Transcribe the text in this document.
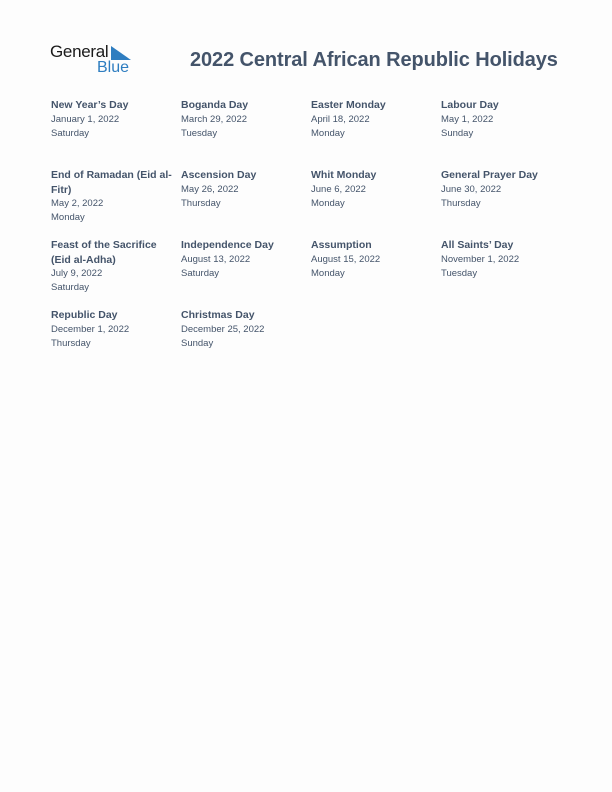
General
Blue	2022 Central African Republic Holidays
New Year’s Day
January 1, 2022
Saturday
Boganda Day
March 29, 2022
Tuesday
Easter Monday
April 18, 2022
Monday
Labour Day
May 1, 2022
Sunday
End of Ramadan (Eid al-Fitr)
May 2, 2022
Monday
Ascension Day
May 26, 2022
Thursday
Whit Monday
June 6, 2022
Monday
General Prayer Day
June 30, 2022
Thursday
Feast of the Sacrifice (Eid al-Adha)
July 9, 2022
Saturday
Independence Day
August 13, 2022
Saturday
Assumption
August 15, 2022
Monday
All Saints’ Day
November 1, 2022
Tuesday
Republic Day
December 1, 2022
Thursday
Christmas Day
December 25, 2022
Sunday
